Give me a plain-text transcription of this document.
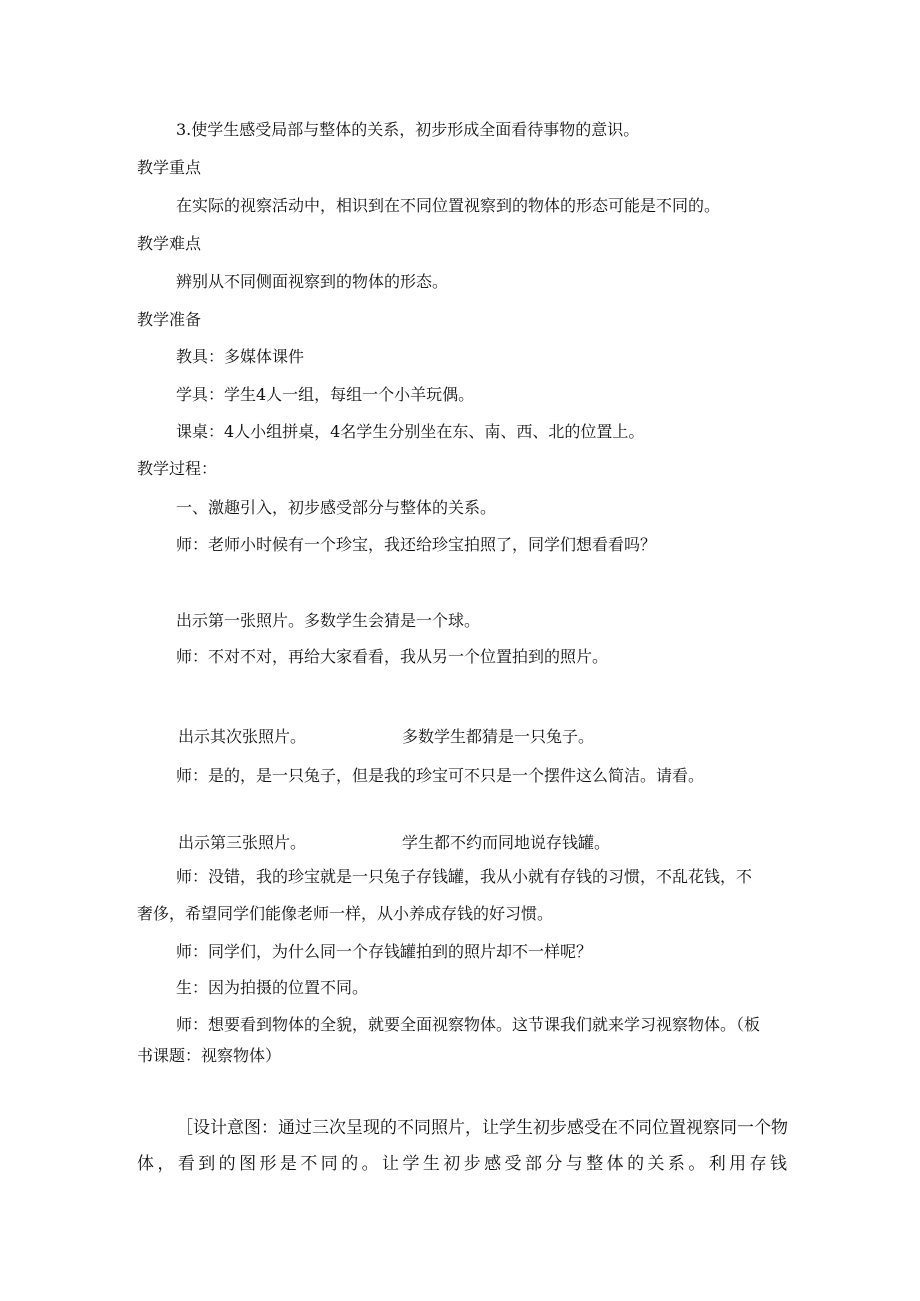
3.使学生感受局部与整体的关系，初步形成全面看待事物的意识。
教学重点
在实际的视察活动中，相识到在不同位置视察到的物体的形态可能是不同的。
教学难点
辨别从不同侧面视察到的物体的形态。
教学准备
教具：多媒体课件
学具：学生4人一组，每组一个小羊玩偶。
课桌：4人小组拼桌，4名学生分别坐在东、南、西、北的位置上。
教学过程：
一、激趣引入，初步感受部分与整体的关系。
师：老师小时候有一个珍宝，我还给珍宝拍照了，同学们想看看吗？
出示第一张照片。多数学生会猜是一个球。
师：不对不对，再给大家看看，我从另一个位置拍到的照片。
出示其次张照片。	多数学生都猜是一只兔子。
师：是的，是一只兔子，但是我的珍宝可不只是一个摆件这么简洁。请看。
出示第三张照片。	学生都不约而同地说存钱罐。
师：没错，我的珍宝就是一只兔子存钱罐，我从小就有存钱的习惯，不乱花钱，不
奢侈，希望同学们能像老师一样，从小养成存钱的好习惯。
师：同学们，为什么同一个存钱罐拍到的照片却不一样呢？
生：因为拍摄的位置不同。
师：想要看到物体的全貌，就要全面视察物体。这节课我们就来学习视察物体。（板
书课题：视察物体）
［设计意图：通过三次呈现的不同照片，让学生初步感受在不同位置视察同一个物
体，看到的图形是不同的。让学生初步感受部分与整体的关系。利用存钱
